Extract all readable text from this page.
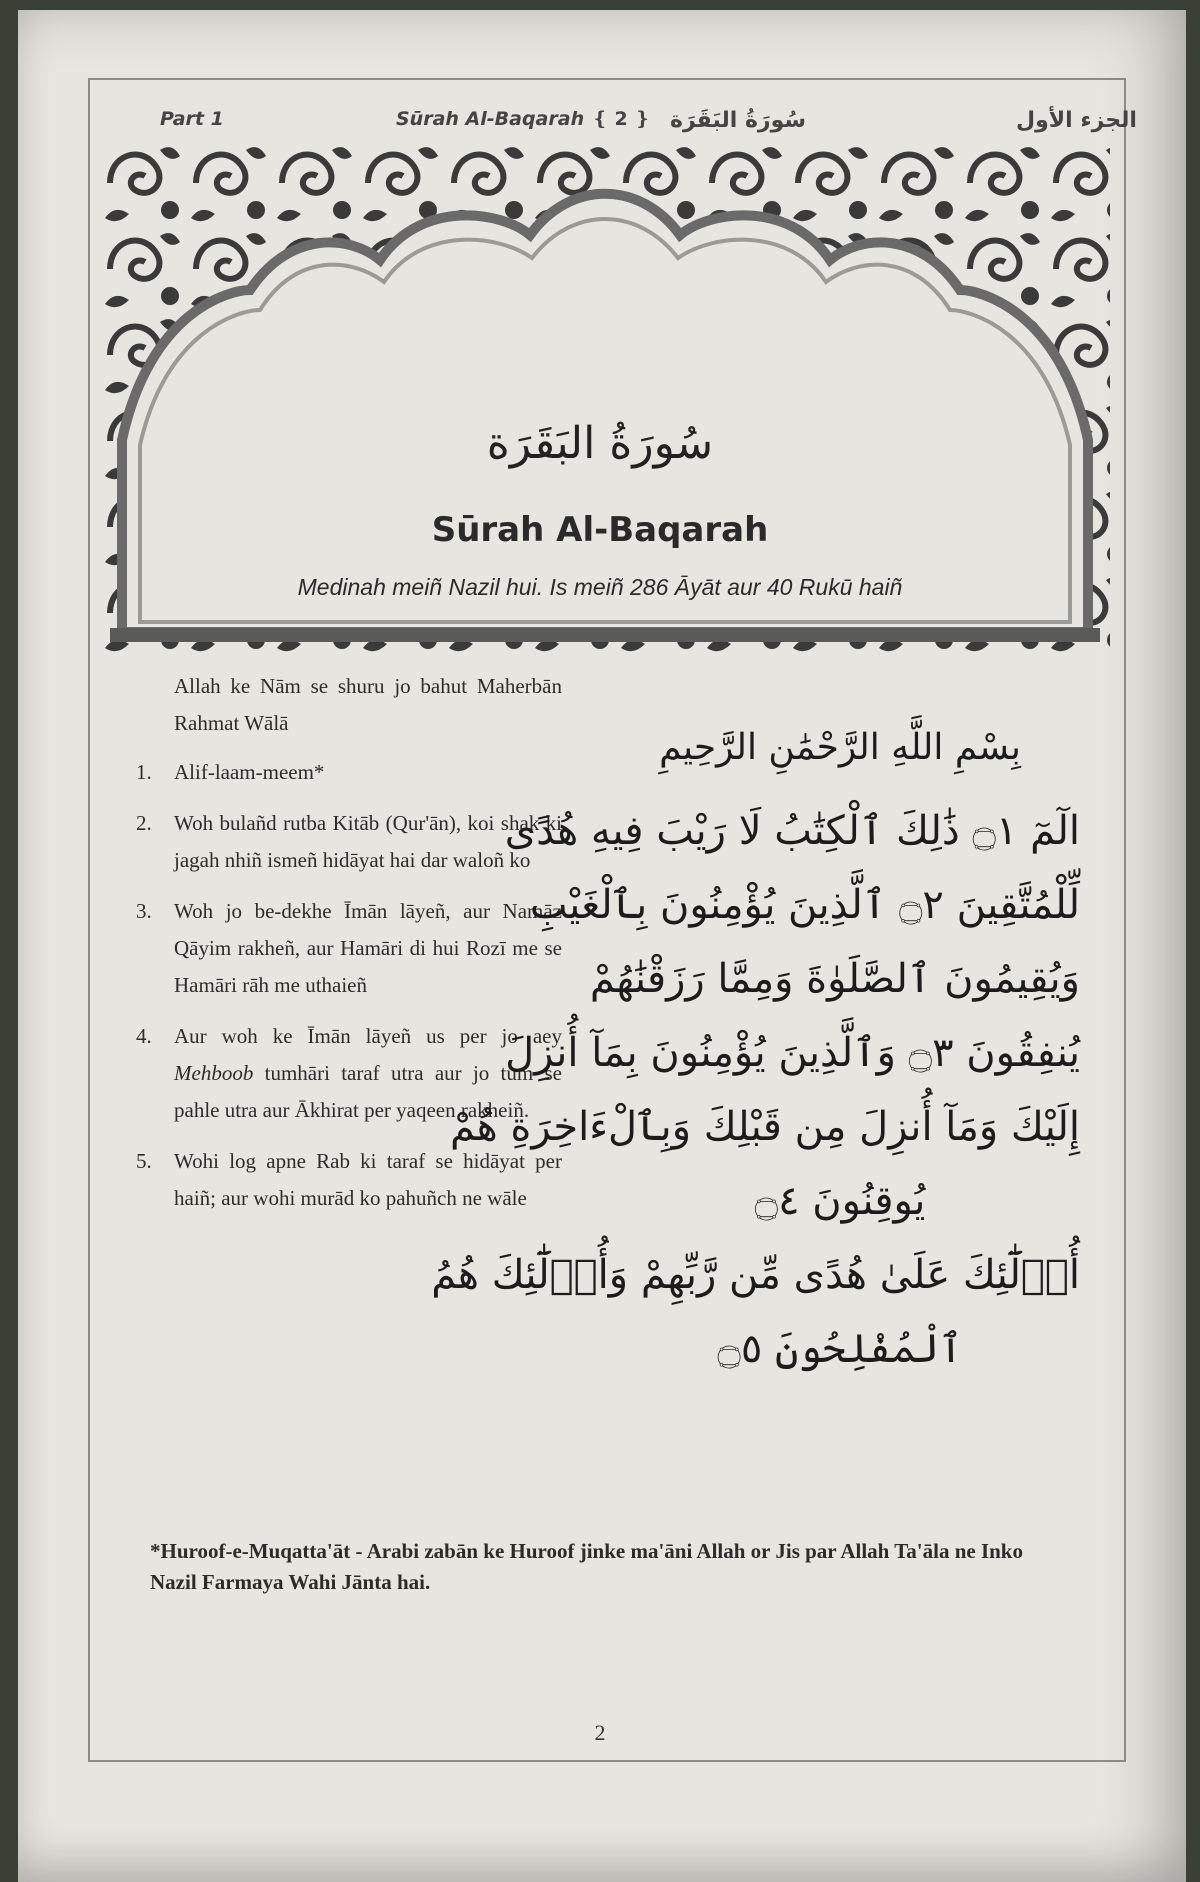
Part 1	Sūrah Al-Baqarah ❴ 2 ❵ سُورَةُ البَقَرَة	الجزء الأول
سُورَةُ البَقَرَة
Sūrah Al-Baqarah
Medinah meiñ Nazil hui. Is meiñ 286 Āyāt aur 40 Rukū haiñ
Allah ke Nām se shuru jo bahut Maherbān Rahmat Wālā
1.	Alif-laam-meem*
2.	Woh bulañd rutba Kitāb (Qur'ān), koi shak ki jagah nhiñ ismeñ hidāyat hai dar waloñ ko
3.	Woh jo be-dekhe Īmān lāyeñ, aur Namāz Qāyim rakheñ, aur Hamāri di hui Rozī me se Hamāri rāh me uthaieñ
4.	Aur woh ke Īmān lāyeñ us per jo aey Mehboob tumhāri taraf utra aur jo tum se pahle utra aur Ākhirat per yaqeen rakheiñ.
5.	Wohi log apne Rab ki taraf se hidāyat per haiñ; aur wohi murād ko pahuñch ne wāle
بِسْمِ اللَّهِ الرَّحْمَٰنِ الرَّحِيمِ
الٓمٓ ۝١ ذَٰلِكَ ٱلْكِتَٰبُ لَا رَيْبَ فِيهِ هُدًى
لِّلْمُتَّقِينَ ۝٢ ٱلَّذِينَ يُؤْمِنُونَ بِٱلْغَيْبِ
وَيُقِيمُونَ ٱلصَّلَوٰةَ وَمِمَّا رَزَقْنَٰهُمْ
يُنفِقُونَ ۝٣ وَٱلَّذِينَ يُؤْمِنُونَ بِمَآ أُنزِلَ
إِلَيْكَ وَمَآ أُنزِلَ مِن قَبْلِكَ وَبِٱلْءَاخِرَةِ هُمْ
يُوقِنُونَ ۝٤
أُو۟لَٰٓئِكَ عَلَىٰ هُدًى مِّن رَّبِّهِمْ وَأُو۟لَٰٓئِكَ هُمُ
ٱلْمُفْلِحُونَ ۝٥
*Huroof-e-Muqatta'āt - Arabi zabān ke Huroof jinke ma'āni Allah or Jis par Allah Ta'āla ne Inko Nazil Farmaya Wahi Jānta hai.
2
